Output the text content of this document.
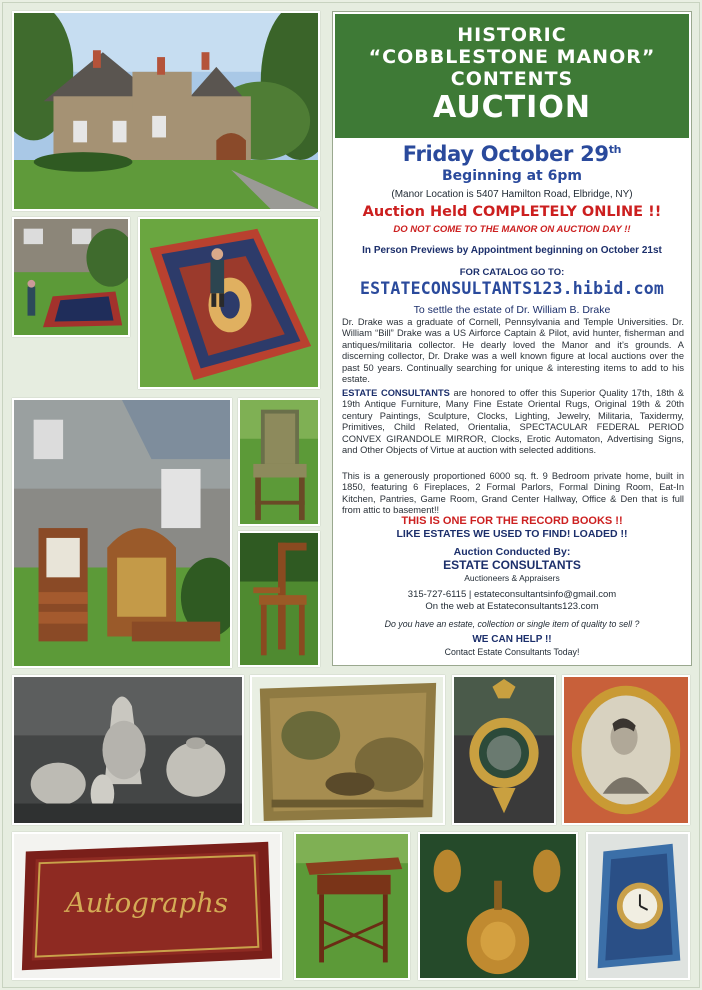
Autographs
HISTORIC
“COBBLESTONE MANOR”
CONTENTS
AUCTION
Friday October 29th
Beginning at 6pm
(Manor Location is 5407 Hamilton Road, Elbridge, NY)
Auction Held COMPLETELY ONLINE !!
DO NOT COME TO THE MANOR ON AUCTION DAY !!
In Person Previews by Appointment beginning on October 21st
FOR CATALOG GO TO:
ESTATECONSULTANTS123.hibid.com
To settle the estate of Dr. William B. Drake
Dr. Drake was a graduate of Cornell, Pennsylvania and Temple Universities. Dr. William “Bill” Drake was a US Airforce Captain & Pilot, avid hunter, fisherman and antiques/militaria collector. He dearly loved the Manor and it’s grounds. A discerning collector, Dr. Drake was a well known figure at local auctions over the past 50 years. Continually searching for unique & interesting items to add to his estate.
ESTATE CONSULTANTS are honored to offer this Superior Quality 17th, 18th & 19th Antique Furniture, Many Fine Estate Oriental Rugs, Original 19th & 20th century Paintings, Sculpture, Clocks, Lighting, Jewelry, Militaria, Taxidermy, Primitives, Child Related, Orientalia, SPECTACULAR FEDERAL PERIOD CONVEX GIRANDOLE MIRROR, Clocks, Erotic Automaton, Advertising Signs, and Other Objects of Virtue at auction with selected additions.
This is a generously proportioned 6000 sq. ft. 9 Bedroom private home, built in 1850, featuring 6 Fireplaces, 2 Formal Parlors, Formal Dining Room, Eat-In Kitchen, Pantries, Game Room, Grand Center Hallway, Office & Den that is full from attic to basement!!
THIS IS ONE FOR THE RECORD BOOKS !!
LIKE ESTATES WE USED TO FIND! LOADED !!
Auction Conducted By:
ESTATE CONSULTANTS
Auctioneers & Appraisers
315-727-6115 | estateconsultantsinfo@gmail.com
On the web at Estateconsultants123.com
Do you have an estate, collection or single item of quality to sell ?
WE CAN HELP !!
Contact Estate Consultants Today!
